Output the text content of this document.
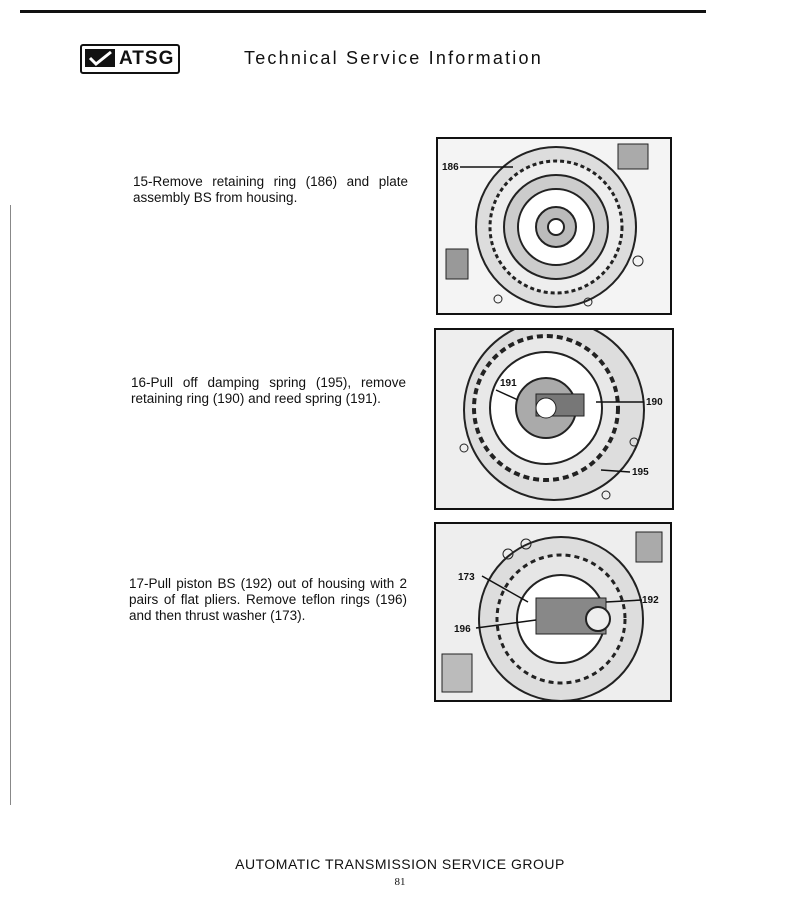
ATSG	Technical Service Information
15-Remove retaining ring (186) and plate assembly BS from housing.
186
16-Pull off damping spring (195), remove retaining ring (190) and reed spring (191).
191
190
195
17-Pull piston BS (192) out of housing with 2 pairs of flat pliers. Remove teflon rings (196) and then thrust washer (173).
173
192
196
AUTOMATIC TRANSMISSION SERVICE GROUP
81
